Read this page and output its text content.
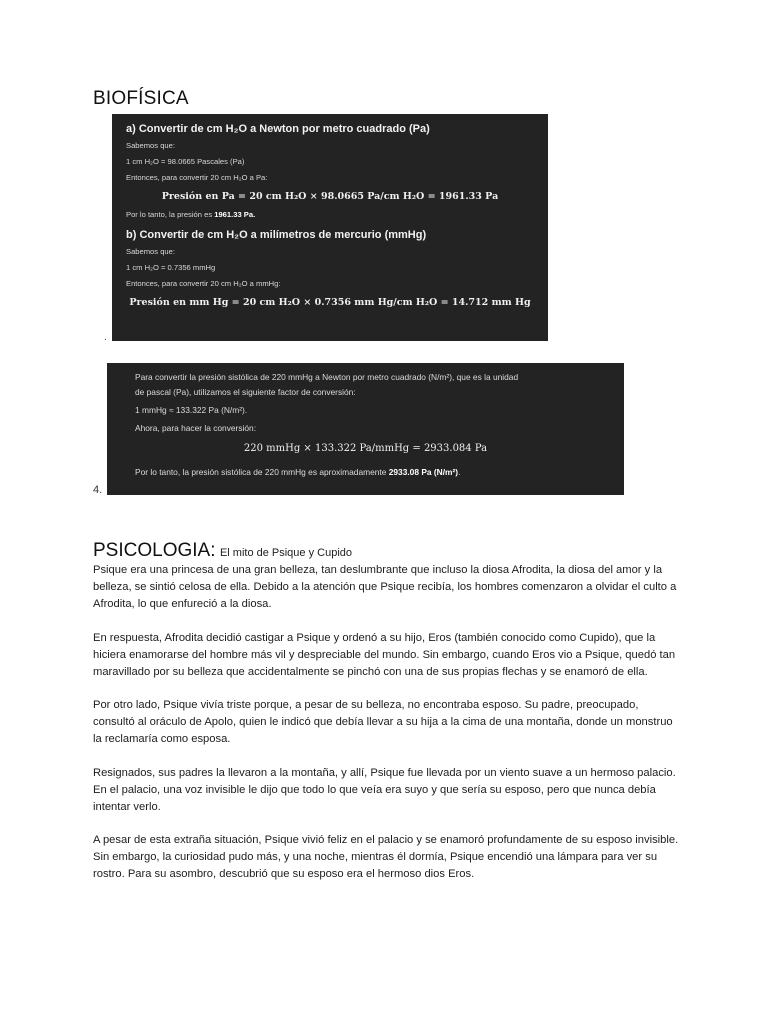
BIOFÍSICA
a) Convertir de cm H₂O a Newton por metro cuadrado (Pa)
Sabemos que:
1 cm H₂O = 98.0665 Pascales (Pa)
Entonces, para convertir 20 cm H₂O a Pa:
Presión en Pa = 20 cm H₂O × 98.0665 Pa/cm H₂O = 1961.33 Pa
Por lo tanto, la presión es 1961.33 Pa.
b) Convertir de cm H₂O a milímetros de mercurio (mmHg)
Sabemos que:
1 cm H₂O = 0.7356 mmHg
Entonces, para convertir 20 cm H₂O a mmHg:
Presión en mm Hg = 20 cm H₂O × 0.7356 mm Hg/cm H₂O = 14.712 mm Hg
.
Para convertir la presión sistólica de 220 mmHg a Newton por metro cuadrado (N/m²), que es la unidad
de pascal (Pa), utilizamos el siguiente factor de conversión:
1 mmHg ≈ 133.322 Pa (N/m²).
Ahora, para hacer la conversión:
220 mmHg × 133.322 Pa/mmHg = 2933.084 Pa
Por lo tanto, la presión sistólica de 220 mmHg es aproximadamente 2933.08 Pa (N/m²).
4.
PSICOLOGIA: El mito de Psique y Cupido

Psique era una princesa de una gran belleza, tan deslumbrante que incluso la diosa Afrodita, la diosa del amor y la belleza, se sintió celosa de ella. Debido a la atención que Psique recibía, los hombres comenzaron a olvidar el culto a Afrodita, lo que enfureció a la diosa.

En respuesta, Afrodita decidió castigar a Psique y ordenó a su hijo, Eros (también conocido como Cupido), que la hiciera enamorarse del hombre más vil y despreciable del mundo. Sin embargo, cuando Eros vio a Psique, quedó tan maravillado por su belleza que accidentalmente se pinchó con una de sus propias flechas y se enamoró de ella.

Por otro lado, Psique vivía triste porque, a pesar de su belleza, no encontraba esposo. Su padre, preocupado, consultó al oráculo de Apolo, quien le indicó que debía llevar a su hija a la cima de una montaña, donde un monstruo la reclamaría como esposa.

Resignados, sus padres la llevaron a la montaña, y allí, Psique fue llevada por un viento suave a un hermoso palacio. En el palacio, una voz invisible le dijo que todo lo que veía era suyo y que sería su esposo, pero que nunca debía intentar verlo.

A pesar de esta extraña situación, Psique vivió feliz en el palacio y se enamoró profundamente de su esposo invisible. Sin embargo, la curiosidad pudo más, y una noche, mientras él dormía, Psique encendió una lámpara para ver su rostro. Para su asombro, descubrió que su esposo era el hermoso dios Eros.
